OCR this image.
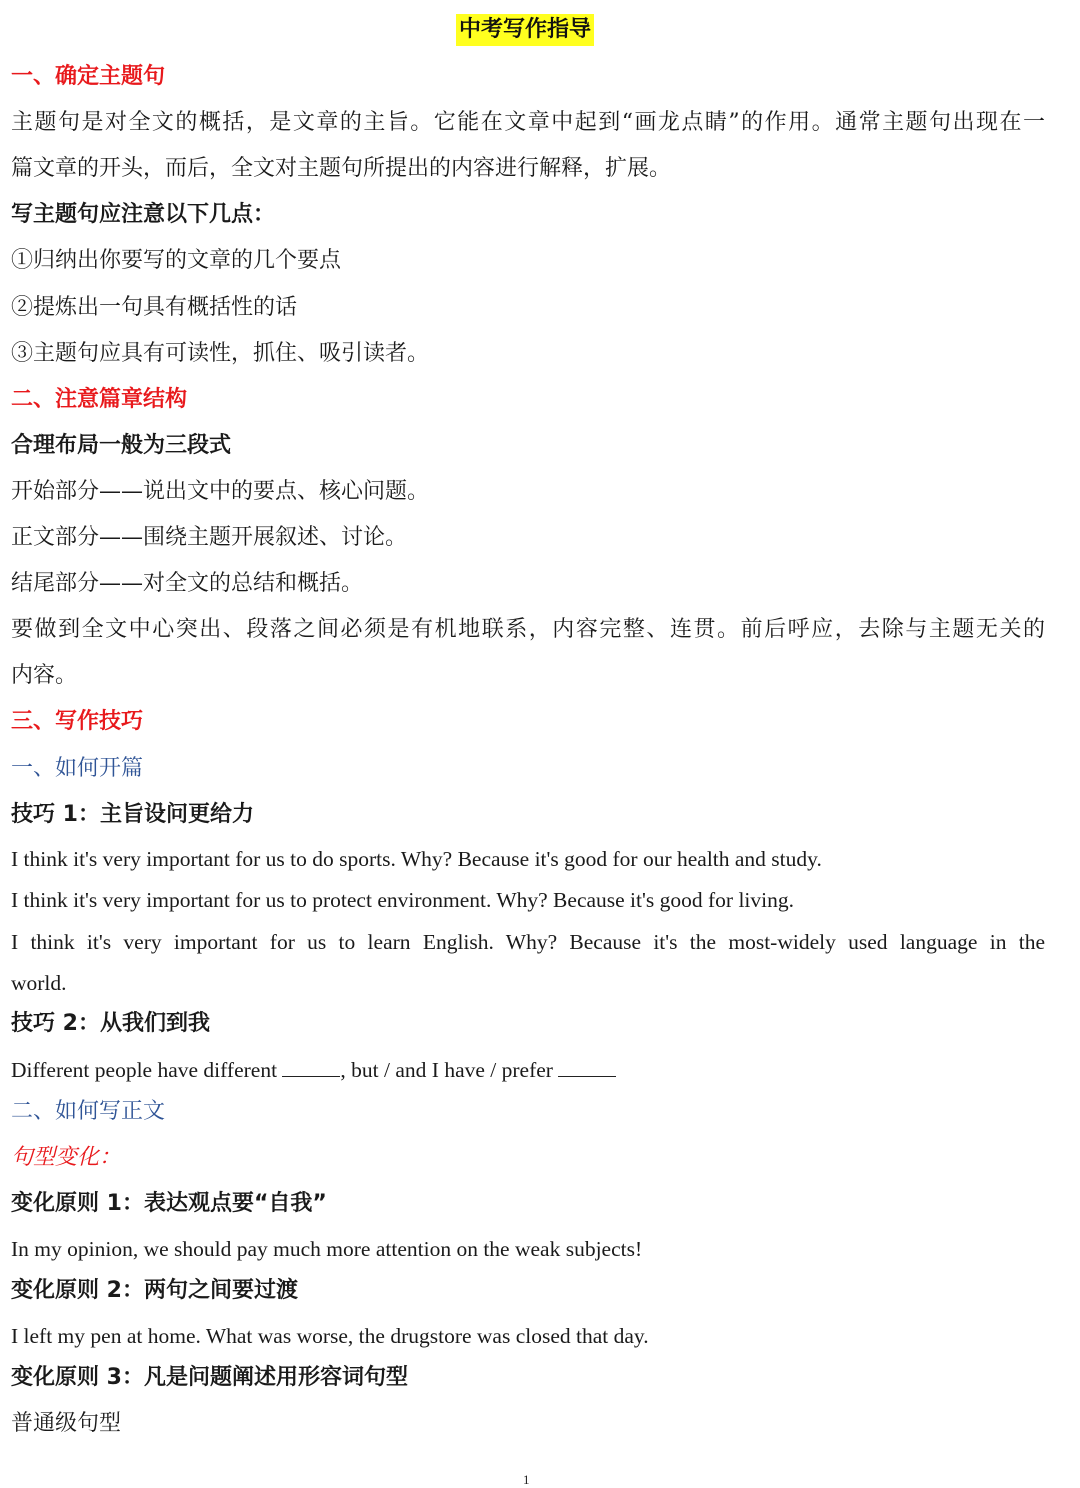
中考写作指导
一、确定主题句
主题句是对全文的概括，是文章的主旨。它能在文章中起到“画龙点睛”的作用。通常主题句出现在一
篇文章的开头，而后，全文对主题句所提出的内容进行解释，扩展。
写主题句应注意以下几点：
①归纳出你要写的文章的几个要点
②提炼出一句具有概括性的话
③主题句应具有可读性，抓住、吸引读者。
二、注意篇章结构
合理布局一般为三段式
开始部分——说出文中的要点、核心问题。
正文部分——围绕主题开展叙述、讨论。
结尾部分——对全文的总结和概括。
要做到全文中心突出、段落之间必须是有机地联系，内容完整、连贯。前后呼应，去除与主题无关的
内容。
三、写作技巧
一、如何开篇
技巧 1：主旨设问更给力
I think it's very important for us to do sports. Why? Because it's good for our health and study.
I think it's very important for us to protect environment. Why? Because it's good for living.
I think it's very important for us to learn English. Why? Because it's the most-widely used language in the
world.
技巧 2：从我们到我
Different people have different	, but / and I have / prefer
二、如何写正文
句型变化：
变化原则 1：表达观点要“自我”
In my opinion, we should pay much more attention on the weak subjects!
变化原则 2：两句之间要过渡
I left my pen at home. What was worse, the drugstore was closed that day.
变化原则 3：凡是问题阐述用形容词句型
普通级句型
1
